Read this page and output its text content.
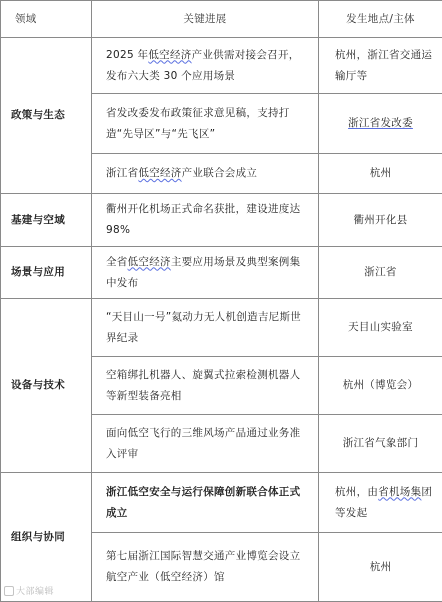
领域	关键进展	发生地点/主体
政策与生态	2025 年低空经济产业供需对接会召开，发布六大类 30 个应用场景	杭州，浙江省交通运输厅等
	省发改委发布政策征求意见稿，支持打造“先导区”与“先飞区”	浙江省发改委
	浙江省低空经济产业联合会成立	杭州
基建与空域	衢州开化机场正式命名获批，建设进度达 98%	衢州开化县
场景与应用	全省低空经济主要应用场景及典型案例集中发布	浙江省
设备与技术	“天目山一号”氦动力无人机创造吉尼斯世界纪录	天目山实验室
	空箱绑扎机器人、旋翼式拉索检测机器人等新型装备亮相	杭州（博览会）
	面向低空飞行的三维风场产品通过业务准入评审	浙江省气象部门
组织与协同	浙江低空安全与运行保障创新联合体正式成立	杭州，由省机场集团等发起
	第七届浙江国际智慧交通产业博览会设立航空产业（低空经济）馆	杭州
大部编辑
